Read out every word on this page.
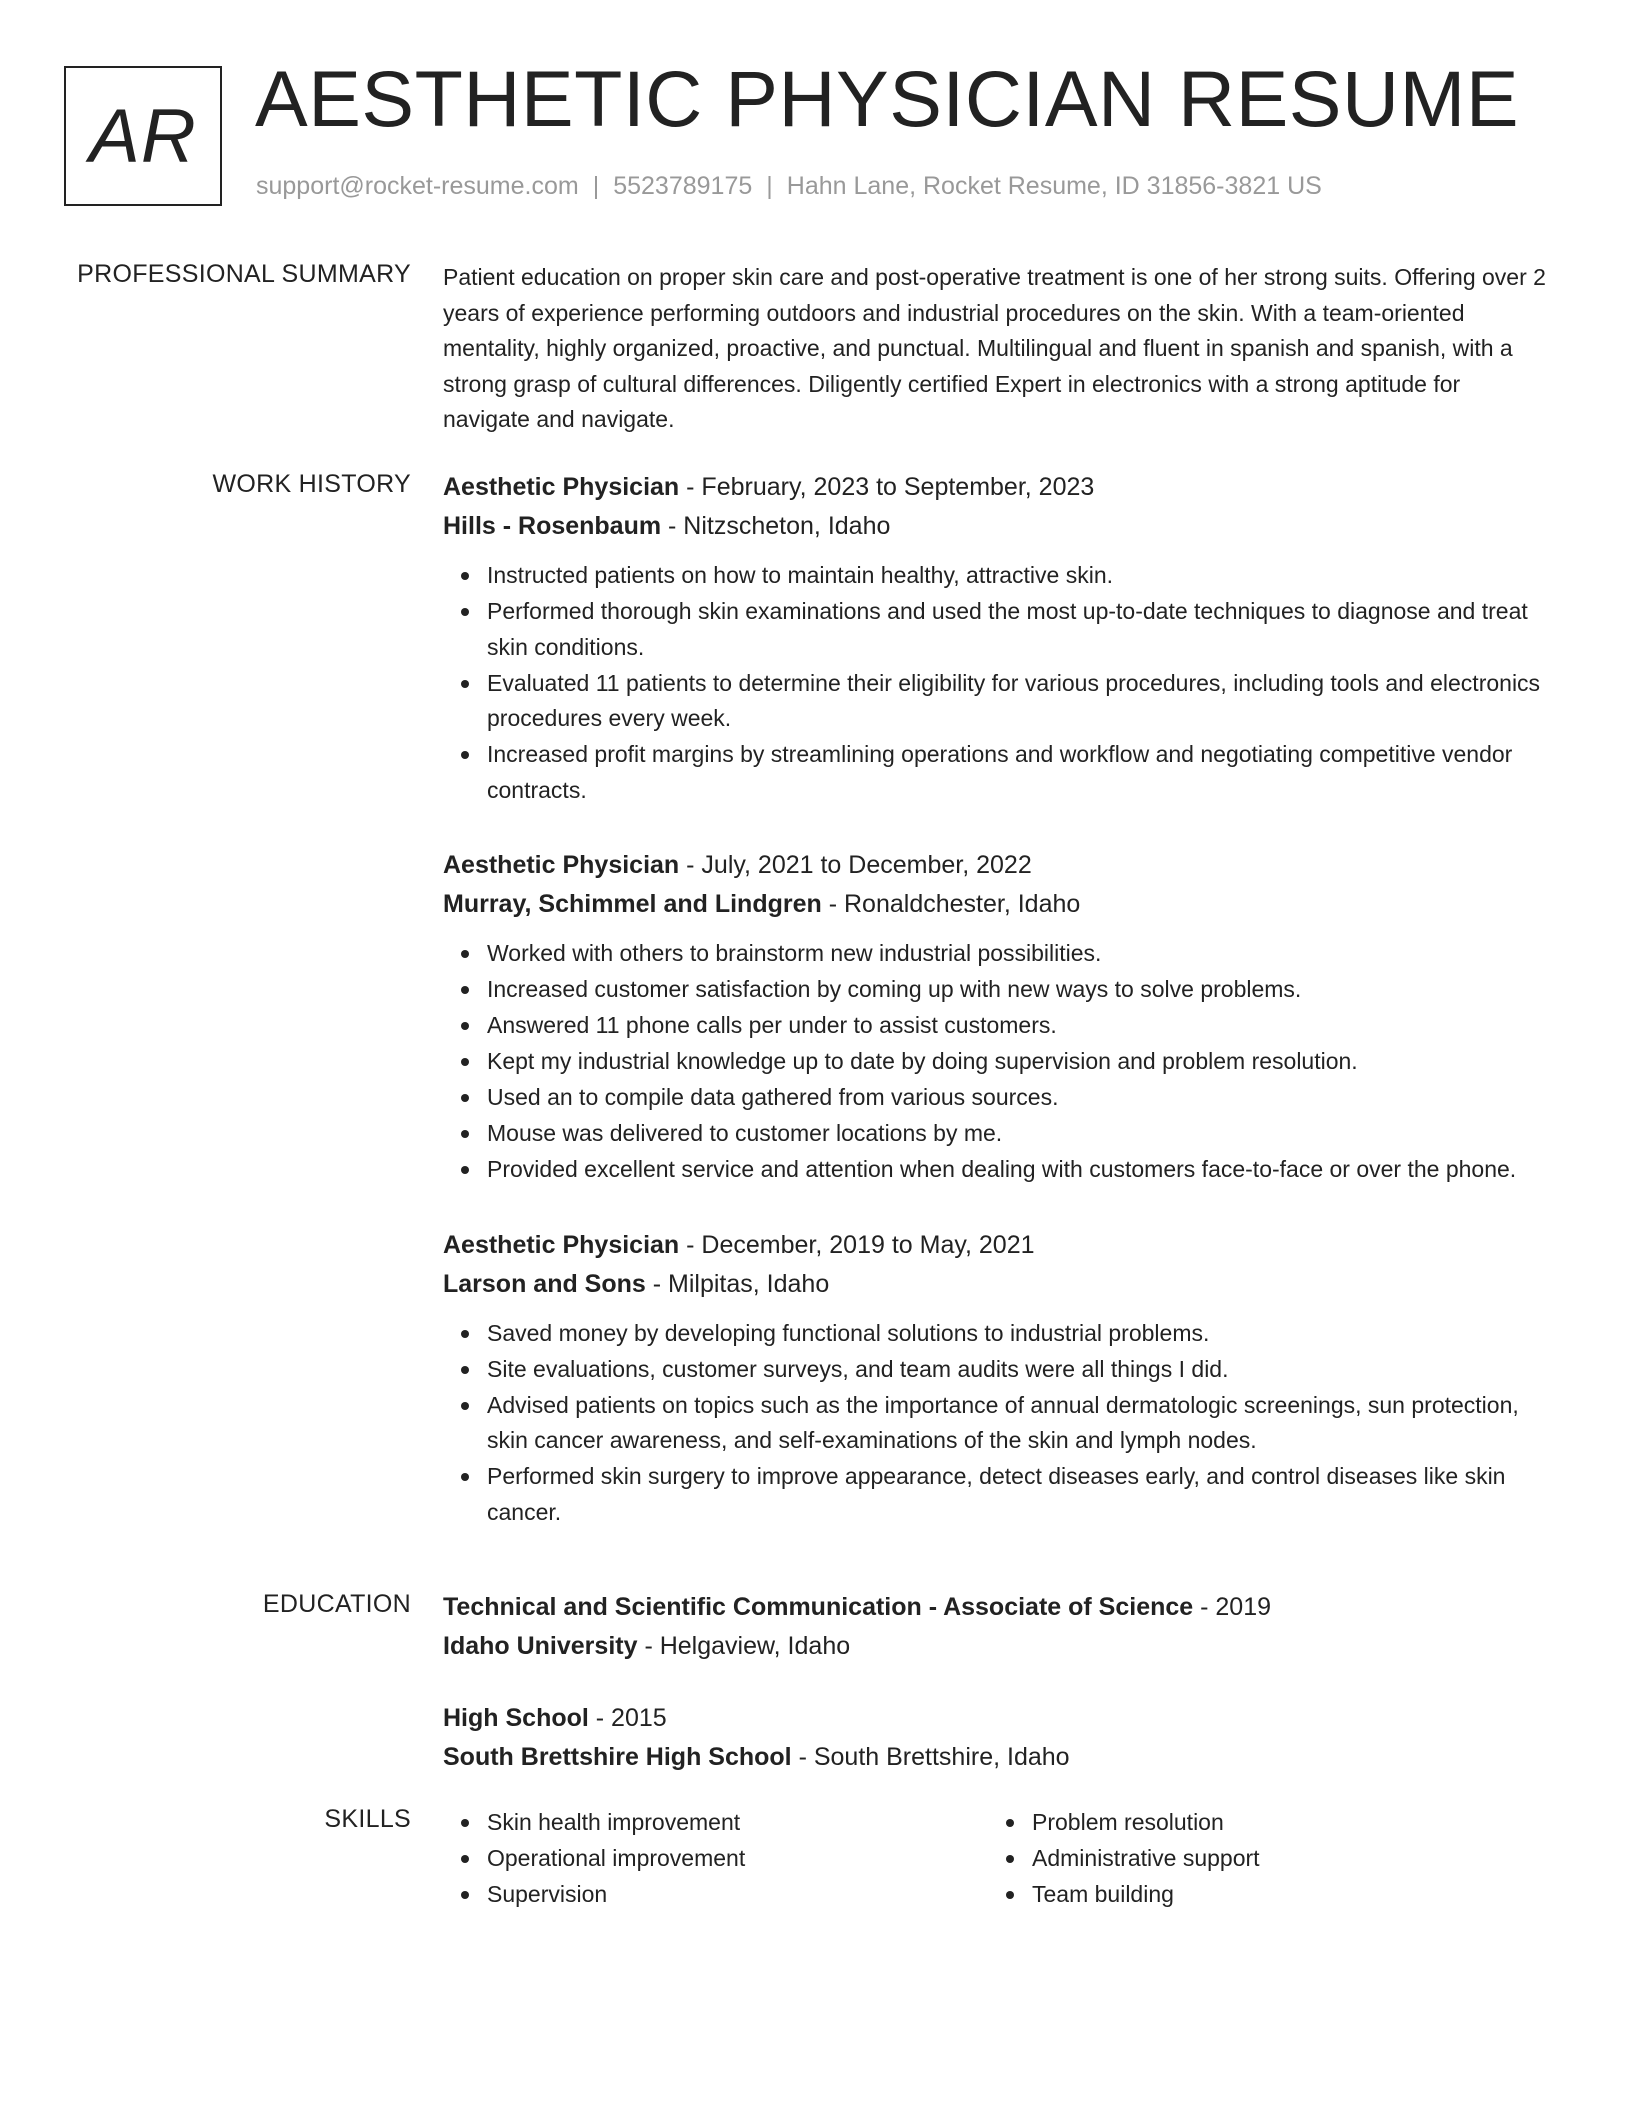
AR AESTHETIC PHYSICIAN RESUME
support@rocket-resume.com | 5523789175 | Hahn Lane, Rocket Resume, ID 31856-3821 US
PROFESSIONAL SUMMARY Patient education on proper skin care and post-operative treatment is one of her strong suits. Offering over 2 years of experience performing outdoors and industrial procedures on the skin. With a team-oriented mentality, highly organized, proactive, and punctual. Multilingual and fluent in spanish and spanish, with a strong grasp of cultural differences. Diligently certified Expert in electronics with a strong aptitude for navigate and navigate.

WORK HISTORY Aesthetic Physician - February, 2023 to September, 2023
Hills - Rosenbaum - Nitzscheton, Idaho
Instructed patients on how to maintain healthy, attractive skin.
Performed thorough skin examinations and used the most up-to-date techniques to diagnose and treat skin conditions.
Evaluated 11 patients to determine their eligibility for various procedures, including tools and electronics procedures every week.
Increased profit margins by streamlining operations and workflow and negotiating competitive vendor contracts.
Aesthetic Physician - July, 2021 to December, 2022
Murray, Schimmel and Lindgren - Ronaldchester, Idaho
Worked with others to brainstorm new industrial possibilities.
Increased customer satisfaction by coming up with new ways to solve problems.
Answered 11 phone calls per under to assist customers.
Kept my industrial knowledge up to date by doing supervision and problem resolution.
Used an to compile data gathered from various sources.
Mouse was delivered to customer locations by me.
Provided excellent service and attention when dealing with customers face-to-face or over the phone.
Aesthetic Physician - December, 2019 to May, 2021
Larson and Sons - Milpitas, Idaho
Saved money by developing functional solutions to industrial problems.
Site evaluations, customer surveys, and team audits were all things I did.
Advised patients on topics such as the importance of annual dermatologic screenings, sun protection, skin cancer awareness, and self-examinations of the skin and lymph nodes.
Performed skin surgery to improve appearance, detect diseases early, and control diseases like skin cancer.
EDUCATION Technical and Scientific Communication - Associate of Science - 2019
Idaho University - Helgaview, Idaho
High School - 2015
South Brettshire High School - South Brettshire, Idaho
SKILLS	Skin health improvement
Operational improvement
Supervision
Problem resolution
Administrative support
Team building
